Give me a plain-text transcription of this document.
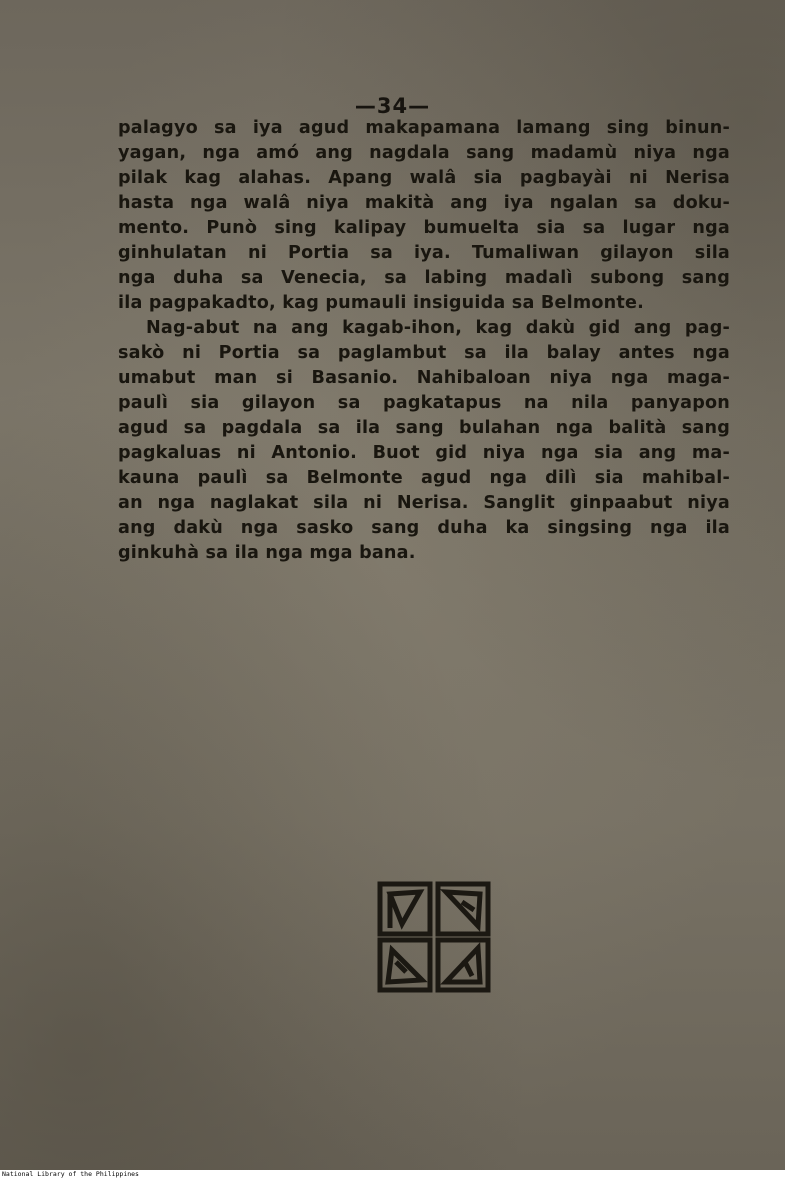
—34—
palagyo sa iya agud makapamana lamang sing binun-
yagan, nga amó ang nagdala sang madamù niya nga
pilak kag alahas. Apang walâ sia pagbayài ni Nerisa
hasta nga walâ niya makità ang iya ngalan sa doku-
mento. Punò sing kalipay bumuelta sia sa lugar nga
ginhulatan ni Portia sa iya. Tumaliwan gilayon sila
nga duha sa Venecia, sa labing madalì subong sang
ila pagpakadto, kag pumauli insiguida sa Belmonte.
Nag-abut na ang kagab-ihon, kag dakù gid ang pag-
sakò ni Portia sa paglambut sa ila balay antes nga
umabut man si Basanio. Nahibaloan niya nga maga-
paulì sia gilayon sa pagkatapus na nila panyapon
agud sa pagdala sa ila sang bulahan nga balità sang
pagkaluas ni Antonio. Buot gid niya nga sia ang ma-
kauna paulì sa Belmonte agud nga dilì sia mahibal-
an nga naglakat sila ni Nerisa. Sanglit ginpaabut niya
ang dakù nga sasko sang duha ka singsing nga ila
ginkuhà sa ila nga mga bana.
National Library of the Philippines
